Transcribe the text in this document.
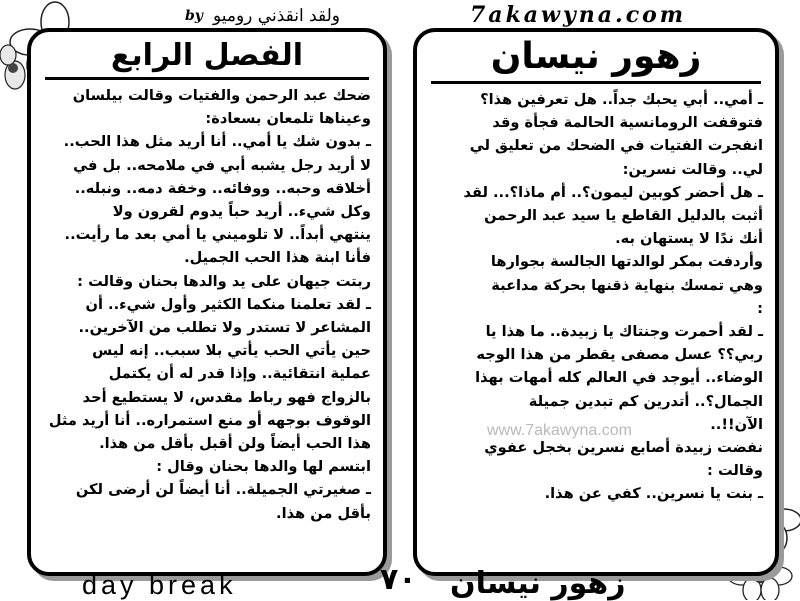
ولقد انقذني روميو
by	7akawyna.com
الفصل الرابع

ضحك عبد الرحمن والفتيات وقالت بيلسان

وعيناها تلمعان بسعادة:

ـ بدون شك يا أمي.. أنا أريد مثل هذا الحب..

لا أريد رجل يشبه أبي في ملامحه.. بل في

أخلاقه وحبه.. ووفائه.. وخفة دمه.. ونبله..

وكل شيء.. أريد حباً يدوم لقرون ولا

ينتهي أبداً.. لا تلوميني يا أمي بعد ما رأيت..

فأنا ابنة هذا الحب الجميل.

ربتت جيهان على يد والدها بحنان وقالت :

ـ لقد تعلمنا منكما الكثير وأول شيء.. أن

المشاعر لا تستدر ولا تطلب من الآخرين..

حين يأتي الحب يأتي بلا سبب.. إنه ليس

عملية انتقائية.. وإذا قدر له أن يكتمل

بالزواج فهو رباط مقدس، لا يستطيع أحد

الوقوف بوجهه أو منع استمراره.. أنا أريد مثل

هذا الحب أيضاً ولن أقبل بأقل من هذا.

ابتسم لها والدها بحنان وقال :

ـ صغيرتي الجميلة.. أنا أيضاً لن أرضى لكن

بأقل من هذا.

زهور نيسان

ـ أمي.. أبي يحبك جداً.. هل تعرفين هذا؟

فتوقفت الرومانسية الحالمة فجأة وقد

انفجرت الفتيات في الضحك من تعليق لي

لي.. وقالت نسرين:

ـ هل أحضر كوبين ليمون؟.. أم ماذا؟... لقد

أثبت بالدليل القاطع يا سيد عبد الرحمن

أنك ندًا لا يستهان به.

وأردفت بمكر لوالدتها الجالسة بجوارها

وهي تمسك بنهاية ذقنها بحركة مداعبة

:

ـ لقد أحمرت وجنتاك يا زبيدة.. ما هذا يا

ربي؟؟ عسل مصفى يقطر من هذا الوجه

الوضاء.. أيوجد في العالم كله أمهات بهذا

الجمال؟.. أتدرين كم تبدين جميلة

الآن!!..

نفضت زبيدة أصابع نسرين بخجل عفوي

وقالت :

ـ بنت يا نسرين.. كفي عن هذا.

www.7akawyna.com
day break	٧٠ زهور نيسان
